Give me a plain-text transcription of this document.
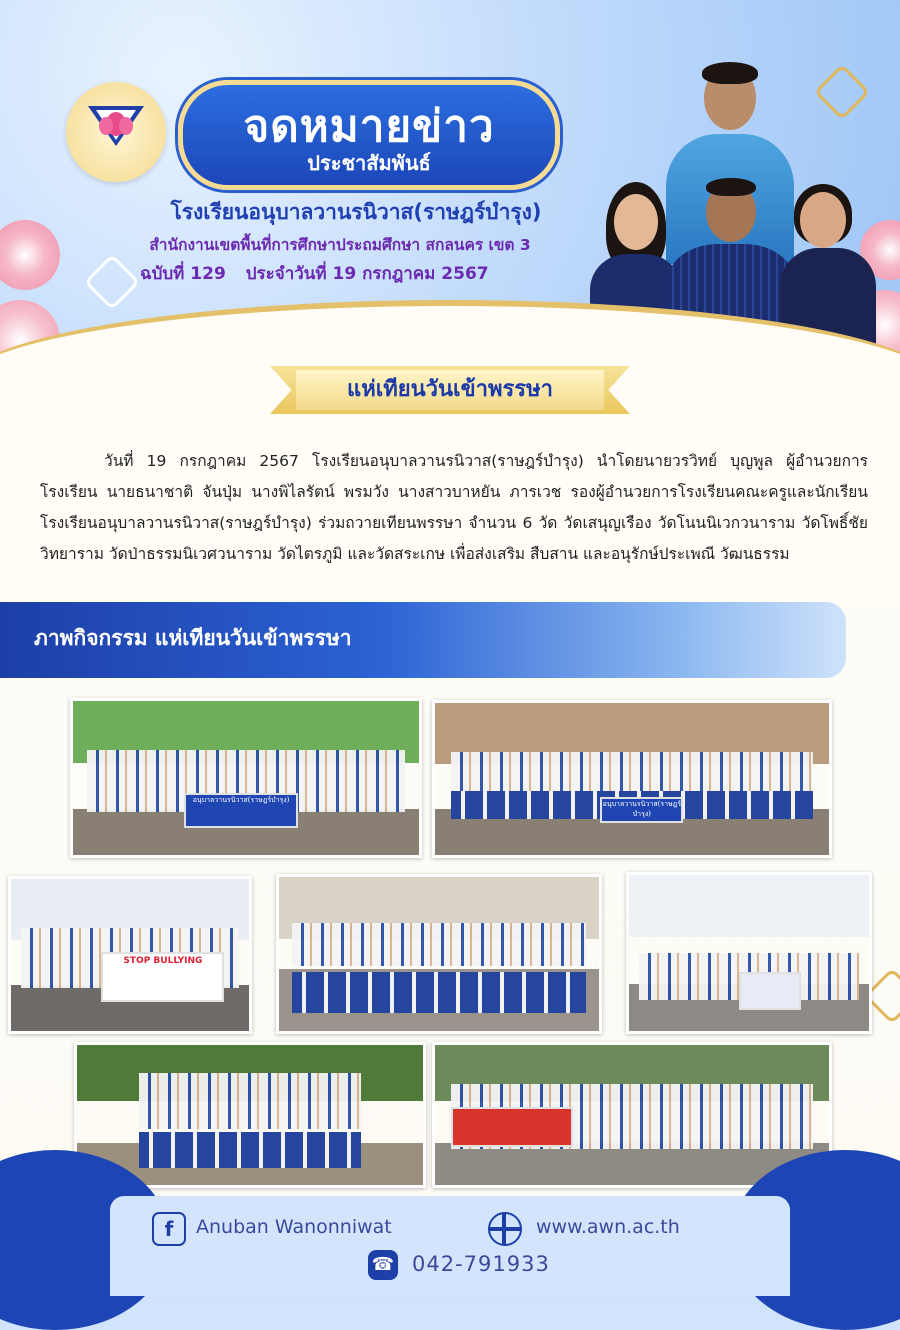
จดหมายข่าว
ประชาสัมพันธ์
โรงเรียนอนุบาลวานรนิวาส(ราษฎร์บำรุง)
สำนักงานเขตพื้นที่การศึกษาประถมศึกษา สกลนคร เขต 3
ฉบับที่ 129 ประจำวันที่ 19 กรกฎาคม 2567
แห่เทียนวันเข้าพรรษา
วันที่ 19 กรกฎาคม 2567 โรงเรียนอนุบาลวานรนิวาส(ราษฎร์บำรุง) นำโดยนายวรวิทย์ บุญพูล ผู้อำนวยการโรงเรียน นายธนาชาติ จันปุ่ม นางพิไลรัตน์ พรมวัง นางสาวบาหยัน ภารเวช รองผู้อำนวยการโรงเรียนคณะครูและนักเรียน โรงเรียนอนุบาลวานรนิวาส(ราษฎร์บำรุง) ร่วมถวายเทียนพรรษา จำนวน 6 วัด วัดเสนุญเรือง วัดโนนนิเวกวนาราม วัดโพธิ์ชัยวิทยาราม วัดป่าธรรมนิเวศวนาราม วัดไตรภูมิ และวัดสระเกษ เพื่อส่งเสริม สืบสาน และอนุรักษ์ประเพณี วัฒนธรรม
ภาพกิจกรรม แห่เทียนวันเข้าพรรษา
อนุบาลวานรนิวาส(ราษฎร์บำรุง)	อนุบาลวานรนิวาส(ราษฎร์บำรุง)
STOP BULLYING
f	Anuban Wanonniwat	www.awn.ac.th
☎ 042-791933
